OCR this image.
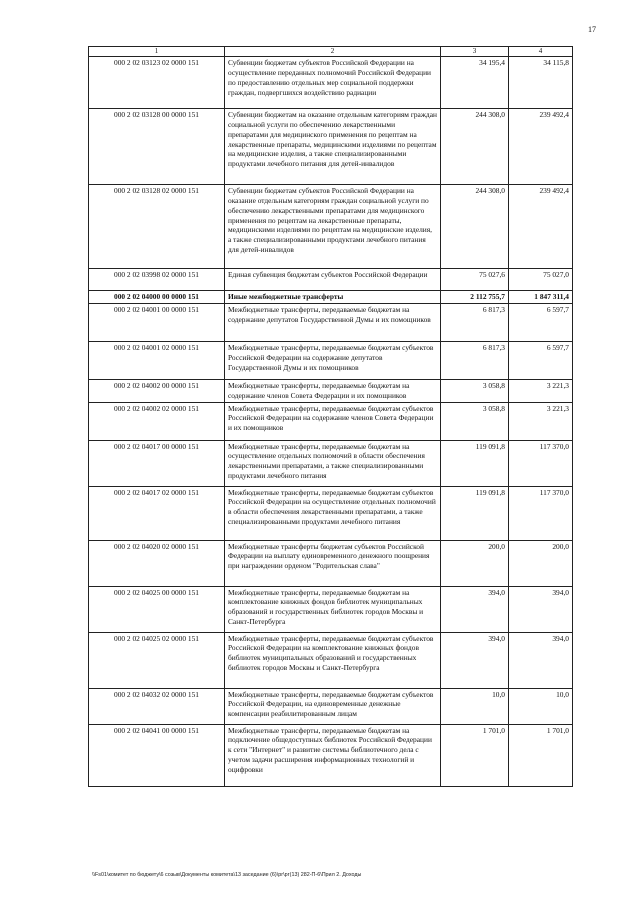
17
1	2	3	4
000 2 02 03123 02 0000 151	Субвенции бюджетам субъектов Российской Федерации на осуществление переданных полномочий Российской Федерации по предоставлению отдельных мер социальной поддержки граждан, подвергшихся воздействию радиации	34 195,4	34 115,8
000 2 02 03128 00 0000 151	Субвенции бюджетам на оказание отдельным категориям граждан социальной услуги по обеспечению лекарственными препаратами для медицинского применения по рецептам на лекарственные препараты, медицинскими изделиями по рецептам на медицинские изделия, а также специализированными продуктами лечебного питания для детей-инвалидов	244 308,0	239 492,4
000 2 02 03128 02 0000 151	Субвенции бюджетам субъектов Российской Федерации на оказание отдельным категориям граждан социальной услуги по обеспечению лекарственными препаратами для медицинского применения по рецептам на лекарственные препараты, медицинскими изделиями по рецептам на медицинские изделия, а также специализированными продуктами лечебного питания для детей-инвалидов	244 308,0	239 492,4
000 2 02 03998 02 0000 151	Единая субвенция бюджетам субъектов Российской Федерации	75 027,6	75 027,0
000 2 02 04000 00 0000 151	Иные межбюджетные трансферты	2 112 755,7	1 847 311,4
000 2 02 04001 00 0000 151	Межбюджетные трансферты, передаваемые бюджетам на содержание депутатов Государственной Думы и их помощников	6 817,3	6 597,7
000 2 02 04001 02 0000 151	Межбюджетные трансферты, передаваемые бюджетам субъектов Российской Федерации на содержание депутатов Государственной Думы и их помощников	6 817,3	6 597,7
000 2 02 04002 00 0000 151	Межбюджетные трансферты, передаваемые бюджетам на содержание членов Совета Федерации и их помощников	3 058,8	3 221,3
000 2 02 04002 02 0000 151	Межбюджетные трансферты, передаваемые бюджетам субъектов Российской Федерации на содержание членов Совета Федерации и их помощников	3 058,8	3 221,3
000 2 02 04017 00 0000 151	Межбюджетные трансферты, передаваемые бюджетам на осуществление отдельных полномочий в области обеспечения лекарственными препаратами, а также специализированными продуктами лечебного питания	119 091,8	117 370,0
000 2 02 04017 02 0000 151	Межбюджетные трансферты, передаваемые бюджетам субъектов Российской Федерации на осуществление отдельных полномочий в области обеспечения лекарственными препаратами, а также специализированными продуктами лечебного питания	119 091,8	117 370,0
000 2 02 04020 02 0000 151	Межбюджетные трансферты бюджетам субъектов Российской Федерации на выплату единовременного денежного поощрения при награждении орденом "Родительская слава"	200,0	200,0
000 2 02 04025 00 0000 151	Межбюджетные трансферты, передаваемые бюджетам на комплектование книжных фондов библиотек муниципальных образований и государственных библиотек городов Москвы и Санкт-Петербурга	394,0	394,0
000 2 02 04025 02 0000 151	Межбюджетные трансферты, передаваемые бюджетам субъектов Российской Федерации на комплектование книжных фондов библиотек муниципальных образований и государственных библиотек городов Москвы и Санкт-Петербурга	394,0	394,0
000 2 02 04032 02 0000 151	Межбюджетные трансферты, передаваемые бюджетам субъектов Российской Федерации, на единовременные денежные компенсации реабилитированным лицам	10,0	10,0
000 2 02 04041 00 0000 151	Межбюджетные трансферты, передаваемые бюджетам на подключение общедоступных библиотек Российской Федерации к сети "Интернет" и развитие системы библиотечного дела с учетом задачи расширения информационных технологий и оцифровки	1 701,0	1 701,0
\\Fs01\комитет по бюджету\6 созыв\Документы комитета\13 заседание (6)\рг\рг(13) 282-П-6\Прил 2. Доходы
